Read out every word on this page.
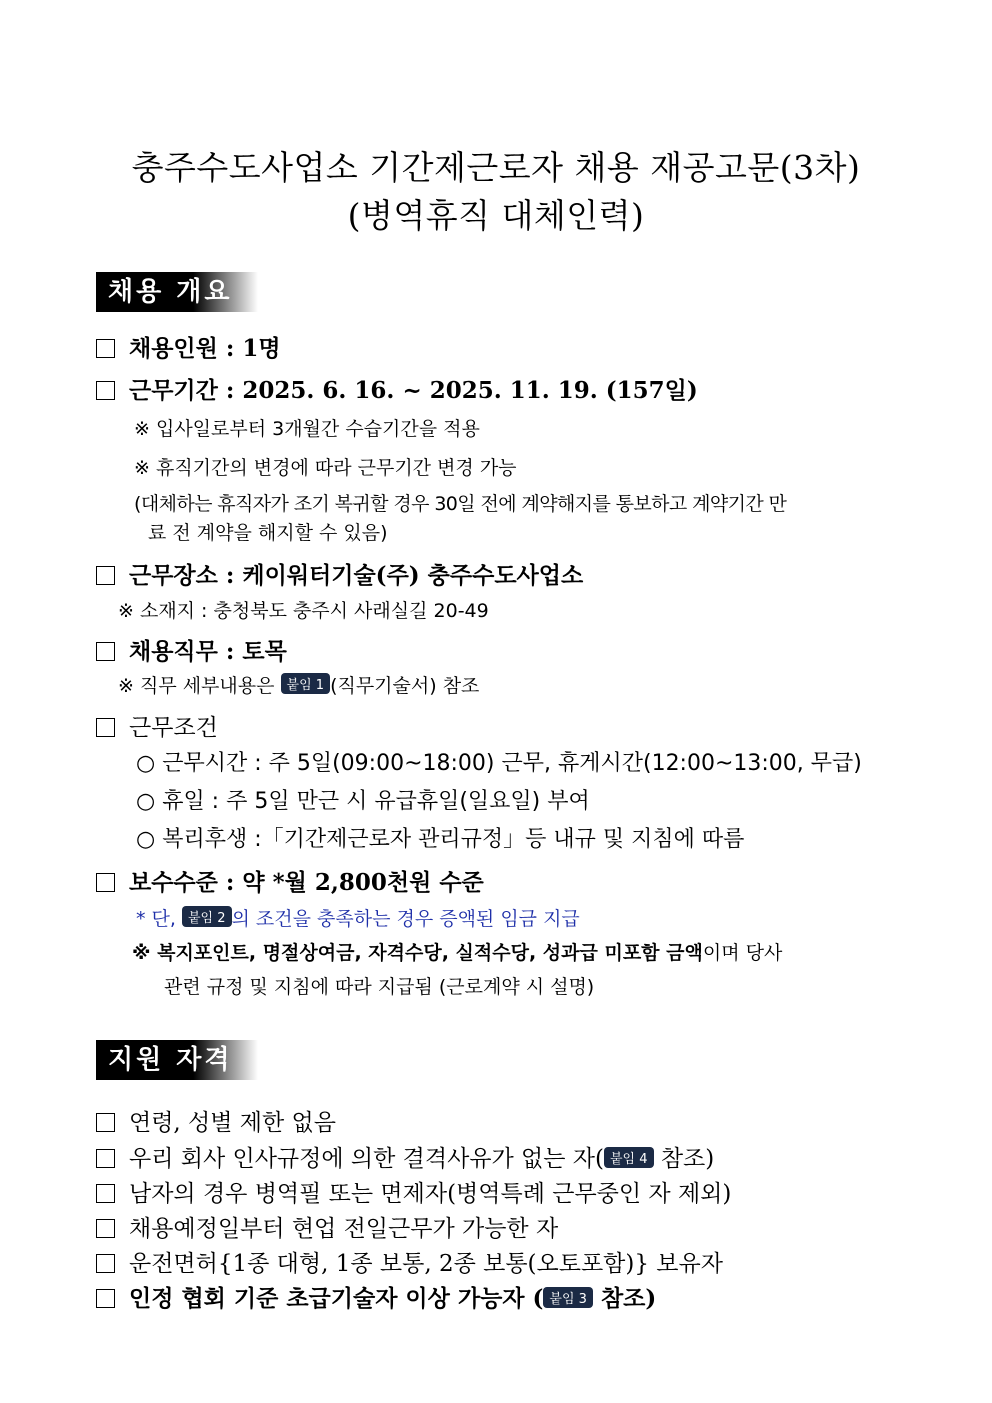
충주수도사업소 기간제근로자 채용 재공고문(3차)
(병역휴직 대체인력)
채용 개요
채용인원 : 1명
근무기간 : 2025. 6. 16. ~ 2025. 11. 19. (157일)
※ 입사일로부터 3개월간 수습기간을 적용
※ 휴직기간의 변경에 따라 근무기간 변경 가능
(대체하는 휴직자가 조기 복귀할 경우 30일 전에 계약해지를 통보하고 계약기간 만
료 전 계약을 해지할 수 있음)
근무장소 : 케이워터기술(주) 충주수도사업소
※ 소재지 : 충청북도 충주시 사래실길 20-49
채용직무 : 토목
※ 직무 세부내용은 붙임 1 (직무기술서) 참조
근무조건
○ 근무시간 : 주 5일(09:00~18:00) 근무, 휴게시간(12:00~13:00, 무급)
○ 휴일 : 주 5일 만근 시 유급휴일(일요일) 부여
○ 복리후생 :「기간제근로자 관리규정」등 내규 및 지침에 따름
보수수준 : 약 *월 2,800천원 수준
* 단, 붙임 2 의 조건을 충족하는 경우 증액된 임금 지급
※ 복지포인트, 명절상여금, 자격수당, 실적수당, 성과급 미포함 금액이며 당사
관련 규정 및 지침에 따라 지급됨 (근로계약 시 설명)
지원 자격
연령, 성별 제한 없음
우리 회사 인사규정에 의한 결격사유가 없는 자( 붙임 4 참조)
남자의 경우 병역필 또는 면제자(병역특례 근무중인 자 제외)
채용예정일부터 현업 전일근무가 가능한 자
운전면허{1종 대형, 1종 보통, 2종 보통(오토포함)} 보유자
인정 협회 기준 초급기술자 이상 가능자 ( 붙임 3 참조)
